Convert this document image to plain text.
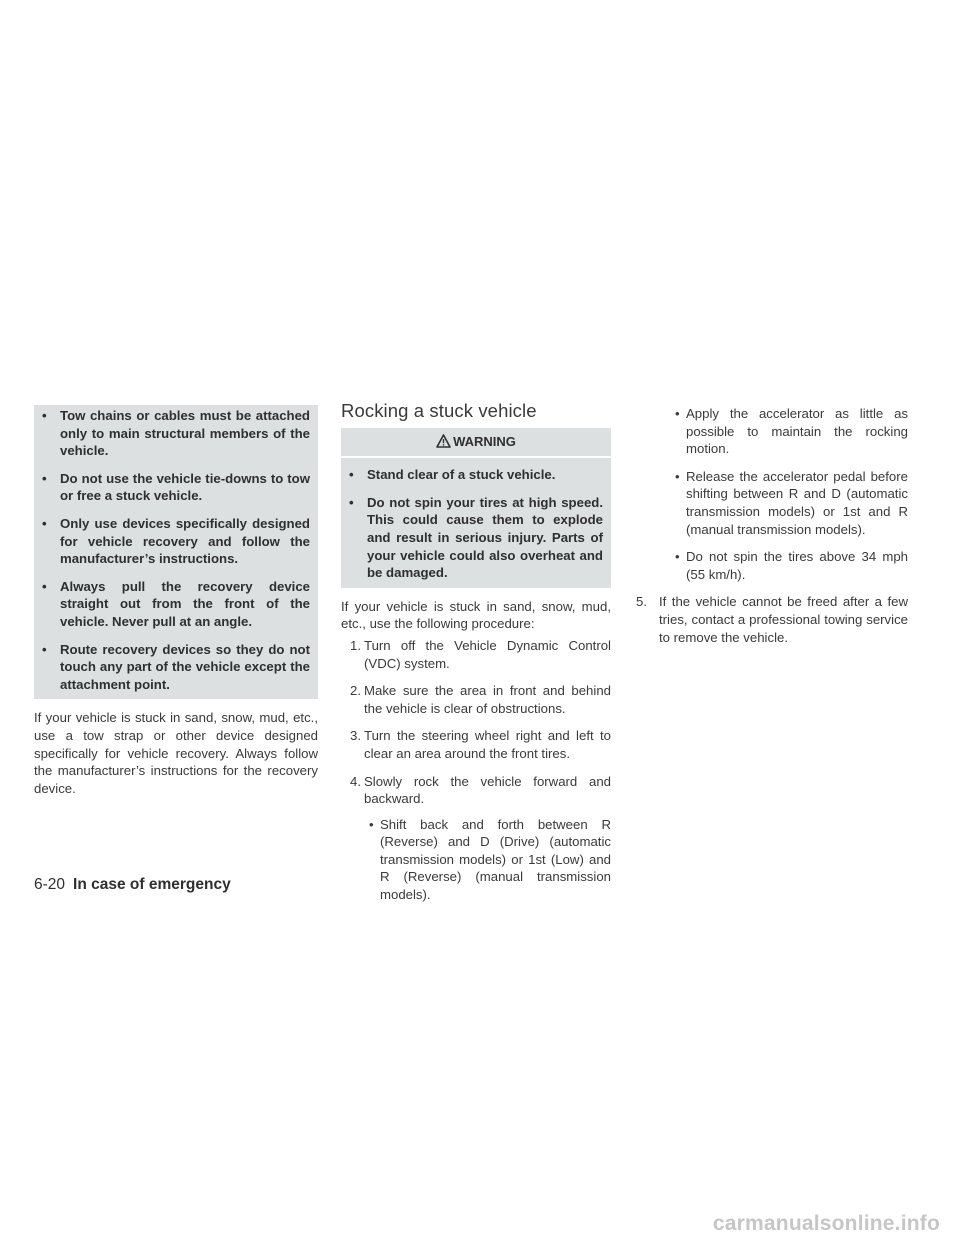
• Tow chains or cables must be attached only to main structural members of the vehicle.
• Do not use the vehicle tie-downs to tow or free a stuck vehicle.
• Only use devices specifically designed for vehicle recovery and follow the manufacturer’s instructions.
• Always pull the recovery device straight out from the front of the vehicle. Never pull at an angle.
• Route recovery devices so they do not touch any part of the vehicle except the attachment point.

If your vehicle is stuck in sand, snow, mud, etc., use a tow strap or other device designed specifically for vehicle recovery. Always follow the manufacturer’s instructions for the recovery device.

Rocking a stuck vehicle
WARNING
• Stand clear of a stuck vehicle.
• Do not spin your tires at high speed. This could cause them to explode and result in serious injury. Parts of your vehicle could also overheat and be damaged.

If your vehicle is stuck in sand, snow, mud, etc., use the following procedure:

1. Turn off the Vehicle Dynamic Control (VDC) system.
2. Make sure the area in front and behind the vehicle is clear of obstructions.
3. Turn the steering wheel right and left to clear an area around the front tires.
4. Slowly rock the vehicle forward and backward.
• Shift back and forth between R (Reverse) and D (Drive) (automatic transmission models) or 1st (Low) and R (Reverse) (manual transmission models).
• Apply the accelerator as little as possible to maintain the rocking motion.
• Release the accelerator pedal before shifting between R and D (automatic transmission models) or 1st and R (manual transmission models).
• Do not spin the tires above 34 mph (55 km/h).
5. If the vehicle cannot be freed after a few tries, contact a professional towing service to remove the vehicle.
6-20 In case of emergency
carmanualsonline.info
